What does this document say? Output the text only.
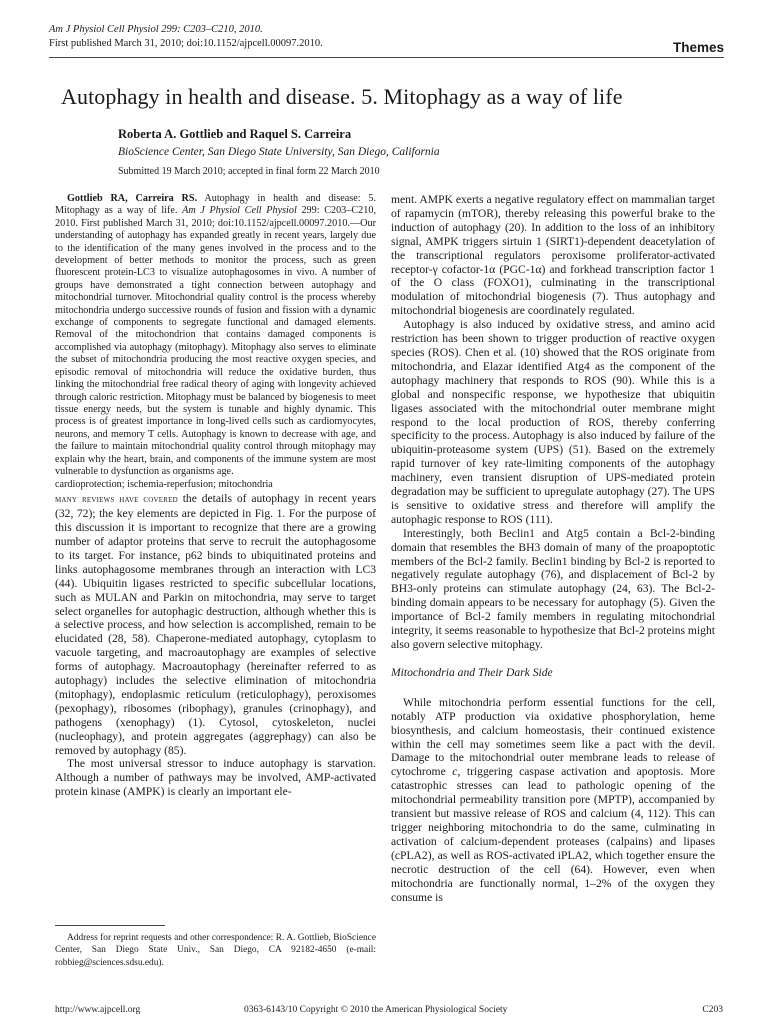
Am J Physiol Cell Physiol 299: C203–C210, 2010.
First published March 31, 2010; doi:10.1152/ajpcell.00097.2010.	Themes
Autophagy in health and disease. 5. Mitophagy as a way of life
Roberta A. Gottlieb and Raquel S. Carreira
BioScience Center, San Diego State University, San Diego, California
Submitted 19 March 2010; accepted in final form 22 March 2010

Gottlieb RA, Carreira RS. Autophagy in health and disease: 5. Mitophagy as a way of life. Am J Physiol Cell Physiol 299: C203–C210, 2010. First published March 31, 2010; doi:10.1152/ajpcell.00097.2010.—Our understanding of autophagy has expanded greatly in recent years, largely due to the identification of the many genes involved in the process and to the development of better methods to monitor the process, such as green fluorescent protein-LC3 to visualize autophagosomes in vivo. A number of groups have demonstrated a tight connection between autophagy and mitochondrial turnover. Mitochondrial quality control is the process whereby mitochondria undergo successive rounds of fusion and fission with a dynamic exchange of components to segregate functional and damaged elements. Removal of the mitochondrion that contains damaged components is accomplished via autophagy (mitophagy). Mitophagy also serves to eliminate the subset of mitochondria producing the most reactive oxygen species, and episodic removal of mitochondria will reduce the oxidative burden, thus linking the mitochondrial free radical theory of aging with longevity achieved through caloric restriction. Mitophagy must be balanced by biogenesis to meet tissue energy needs, but the system is tunable and highly dynamic. This process is of greatest importance in long-lived cells such as cardiomyocytes, neurons, and memory T cells. Autophagy is known to decrease with age, and the failure to maintain mitochondrial quality control through mitophagy may explain why the heart, brain, and components of the immune system are most vulnerable to dysfunction as organisms age.

cardioprotection; ischemia-reperfusion; mitochondria

many reviews have covered the details of autophagy in recent years (32, 72); the key elements are depicted in Fig. 1. For the purpose of this discussion it is important to recognize that there are a growing number of adaptor proteins that serve to recruit the autophagosome to its target. For instance, p62 binds to ubiquitinated proteins and links autophagosome membranes through an interaction with LC3 (44). Ubiquitin ligases restricted to specific subcellular locations, such as MULAN and Parkin on mitochondria, may serve to target select organelles for autophagic destruction, although whether this is a selective process, and how selection is accomplished, remain to be elucidated (28, 58). Chaperone-mediated autophagy, cytoplasm to vacuole targeting, and macroautophagy are examples of selective forms of autophagy. Macroautophagy (hereinafter referred to as autophagy) includes the selective elimination of mitochondria (mitophagy), endoplasmic reticulum (reticulophagy), peroxisomes (pexophagy), ribosomes (ribophagy), granules (crinophagy), and pathogens (xenophagy) (1). Cytosol, cytoskeleton, nuclei (nucleophagy), and protein aggregates (aggrephagy) can also be removed by autophagy (85).

The most universal stressor to induce autophagy is starvation. Although a number of pathways may be involved, AMP-activated protein kinase (AMPK) is clearly an important ele-

Address for reprint requests and other correspondence: R. A. Gottlieb, BioScience Center, San Diego State Univ., San Diego, CA 92182-4650 (e-mail: robbieg@sciences.sdsu.edu).

ment. AMPK exerts a negative regulatory effect on mammalian target of rapamycin (mTOR), thereby releasing this powerful brake to the induction of autophagy (20). In addition to the loss of an inhibitory signal, AMPK triggers sirtuin 1 (SIRT1)-dependent deacetylation of the transcriptional regulators peroxisome proliferator-activated receptor-γ cofactor-1α (PGC-1α) and forkhead transcription factor 1 of the O class (FOXO1), culminating in the transcriptional modulation of mitochondrial biogenesis (7). Thus autophagy and mitochondrial biogenesis are coordinately regulated.

Autophagy is also induced by oxidative stress, and amino acid restriction has been shown to trigger production of reactive oxygen species (ROS). Chen et al. (10) showed that the ROS originate from mitochondria, and Elazar identified Atg4 as the component of the autophagy machinery that responds to ROS (90). While this is a global and nonspecific response, we hypothesize that ubiquitin ligases associated with the mitochondrial outer membrane might respond to the local production of ROS, thereby conferring specificity to the process. Autophagy is also induced by failure of the ubiquitin-proteasome system (UPS) (51). Based on the extremely rapid turnover of key rate-limiting components of the autophagy machinery, even transient disruption of UPS-mediated protein degradation may be sufficient to upregulate autophagy (27). The UPS is sensitive to oxidative stress and therefore will amplify the autophagic response to ROS (111).

Interestingly, both Beclin1 and Atg5 contain a Bcl-2-binding domain that resembles the BH3 domain of many of the proapoptotic members of the Bcl-2 family. Beclin1 binding by Bcl-2 is reported to negatively regulate autophagy (76), and displacement of Bcl-2 by BH3-only proteins can stimulate autophagy (24, 63). The Bcl-2-binding domain appears to be necessary for autophagy (5). Given the importance of Bcl-2 family members in regulating mitochondrial integrity, it seems reasonable to hypothesize that Bcl-2 proteins might also govern selective mitophagy.

Mitochondria and Their Dark Side

While mitochondria perform essential functions for the cell, notably ATP production via oxidative phosphorylation, heme biosynthesis, and calcium homeostasis, their continued existence within the cell may sometimes seem like a pact with the devil. Damage to the mitochondrial outer membrane leads to release of cytochrome c, triggering caspase activation and apoptosis. More catastrophic stresses can lead to pathologic opening of the mitochondrial permeability transition pore (MPTP), accompanied by transient but massive release of ROS and calcium (4, 112). This can trigger neighboring mitochondria to do the same, culminating in activation of calcium-dependent proteases (calpains) and lipases (cPLA2), as well as ROS-activated iPLA2, which together ensure the necrotic destruction of the cell (64). However, even when mitochondria are functionally normal, 1–2% of the oxygen they consume is

http://www.ajpcell.org	0363-6143/10 Copyright © 2010 the American Physiological Society	C203
